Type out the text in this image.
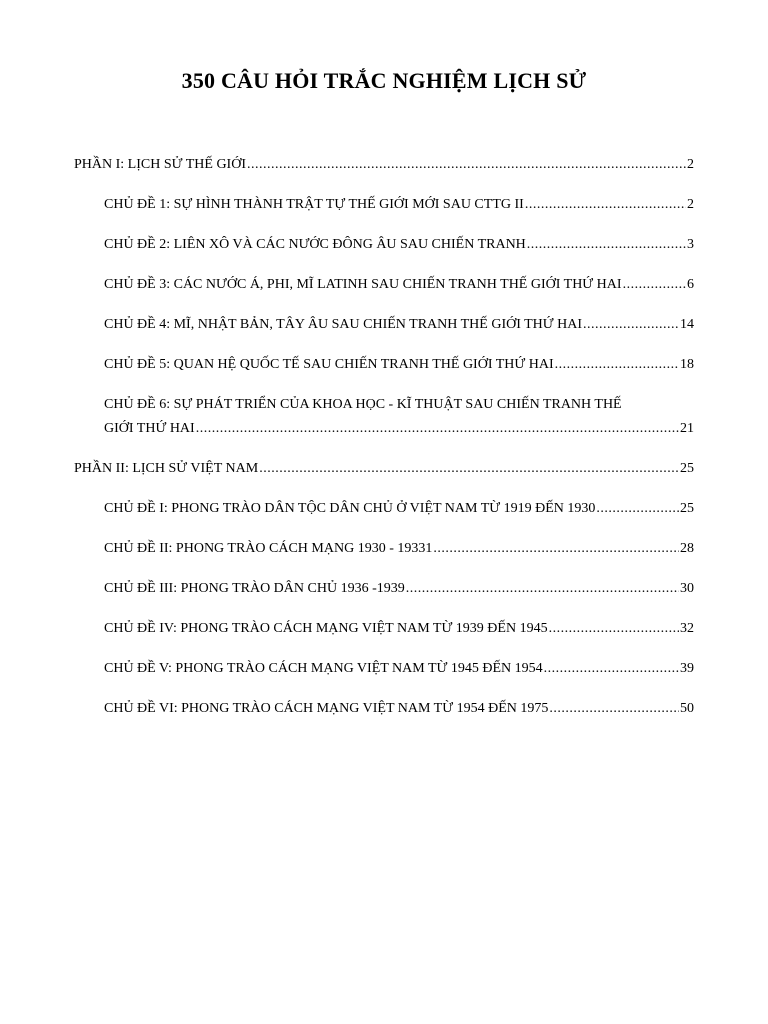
350 CÂU HỎI TRẮC NGHIỆM LỊCH SỬ
PHẦN I: LỊCH SỬ THẾ GIỚI .....	2
CHỦ ĐỀ 1: SỰ HÌNH THÀNH TRẬT TỰ THẾ GIỚI MỚI SAU CTTG II .....	2
CHỦ ĐỀ 2: LIÊN XÔ VÀ CÁC NƯỚC ĐÔNG ÂU SAU CHIẾN TRANH .....	3
CHỦ ĐỀ 3: CÁC NƯỚC Á, PHI, MĨ LATINH SAU CHIẾN TRANH THẾ GIỚI THỨ HAI .....	6
CHỦ ĐỀ 4: MĨ, NHẬT BẢN, TÂY ÂU SAU CHIẾN TRANH THẾ GIỚI THỨ HAI .....	14
CHỦ ĐỀ 5: QUAN HỆ QUỐC TẾ SAU CHIẾN TRANH THẾ GIỚI THỨ HAI .....	18
CHỦ ĐỀ 6: SỰ PHÁT TRIỂN CỦA KHOA HỌC - KĨ THUẬT SAU CHIẾN TRANH THẾ
GIỚI THỨ HAI .....	21
PHẦN II: LỊCH SỬ VIỆT NAM .....	25
CHỦ ĐỀ I: PHONG TRÀO DÂN TỘC DÂN CHỦ Ở VIỆT NAM TỪ 1919 ĐẾN 1930 .....	25
CHỦ ĐỀ II: PHONG TRÀO CÁCH MẠNG 1930 - 19331 .....	28
CHỦ ĐỀ III: PHONG TRÀO DÂN CHỦ 1936 -1939 .....	30
CHỦ ĐỀ IV: PHONG TRÀO CÁCH MẠNG VIỆT NAM TỪ 1939 ĐẾN 1945 .....	32
CHỦ ĐỀ V: PHONG TRÀO CÁCH MẠNG VIỆT NAM TỪ 1945 ĐẾN 1954 .....	39
CHỦ ĐỀ VI: PHONG TRÀO CÁCH MẠNG VIỆT NAM TỪ 1954 ĐẾN 1975 .....	50
